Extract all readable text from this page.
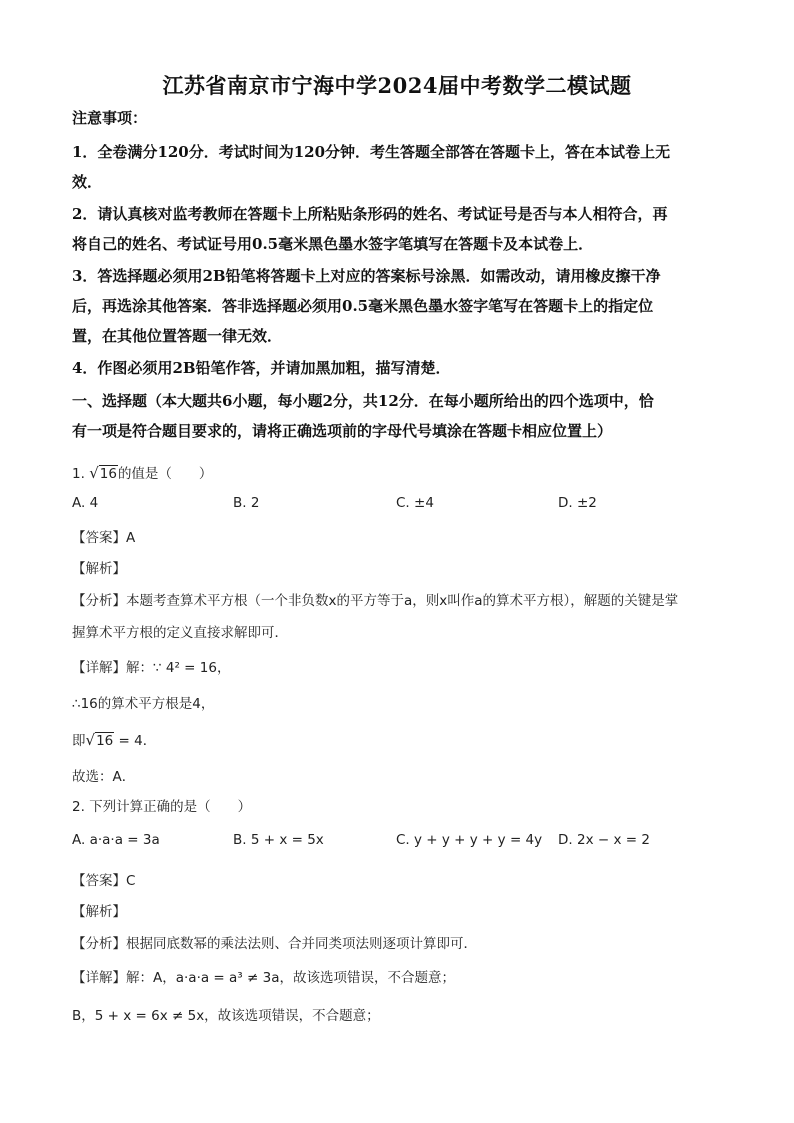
江苏省南京市宁海中学2024届中考数学二模试题
注意事项：
1．全卷满分120分．考试时间为120分钟．考生答题全部答在答题卡上，答在本试卷上无
效．
2．请认真核对监考教师在答题卡上所粘贴条形码的姓名、考试证号是否与本人相符合，再
将自己的姓名、考试证号用0.5毫米黑色墨水签字笔填写在答题卡及本试卷上．
3．答选择题必须用2B铅笔将答题卡上对应的答案标号涂黑．如需改动，请用橡皮擦干净
后，再选涂其他答案．答非选择题必须用0.5毫米黑色墨水签字笔写在答题卡上的指定位
置，在其他位置答题一律无效．
4．作图必须用2B铅笔作答，并请加黑加粗，描写清楚．
一、选择题（本大题共6小题，每小题2分，共12分．在每小题所给出的四个选项中，恰
有一项是符合题目要求的，请将正确选项前的字母代号填涂在答题卡相应位置上）
1. √16的值是（　　）
A. 4	B. 2	C. ±4	D. ±2
【答案】A
【解析】
【分析】本题考查算术平方根（一个非负数x的平方等于a，则x叫作a的算术平方根），解题的关键是掌
握算术平方根的定义直接求解即可．
【详解】解：∵ 4² = 16，
∴16的算术平方根是4，
即√16 = 4．
故选：A．
2. 下列计算正确的是（　　）
A. a·a·a = 3a	B. 5 + x = 5x	C. y + y + y + y = 4y D. 2x − x = 2
【答案】C
【解析】
【分析】根据同底数幂的乘法法则、合并同类项法则逐项计算即可．
【详解】解：A，a·a·a = a³ ≠ 3a，故该选项错误，不合题意；
B，5 + x = 6x ≠ 5x，故该选项错误，不合题意；
